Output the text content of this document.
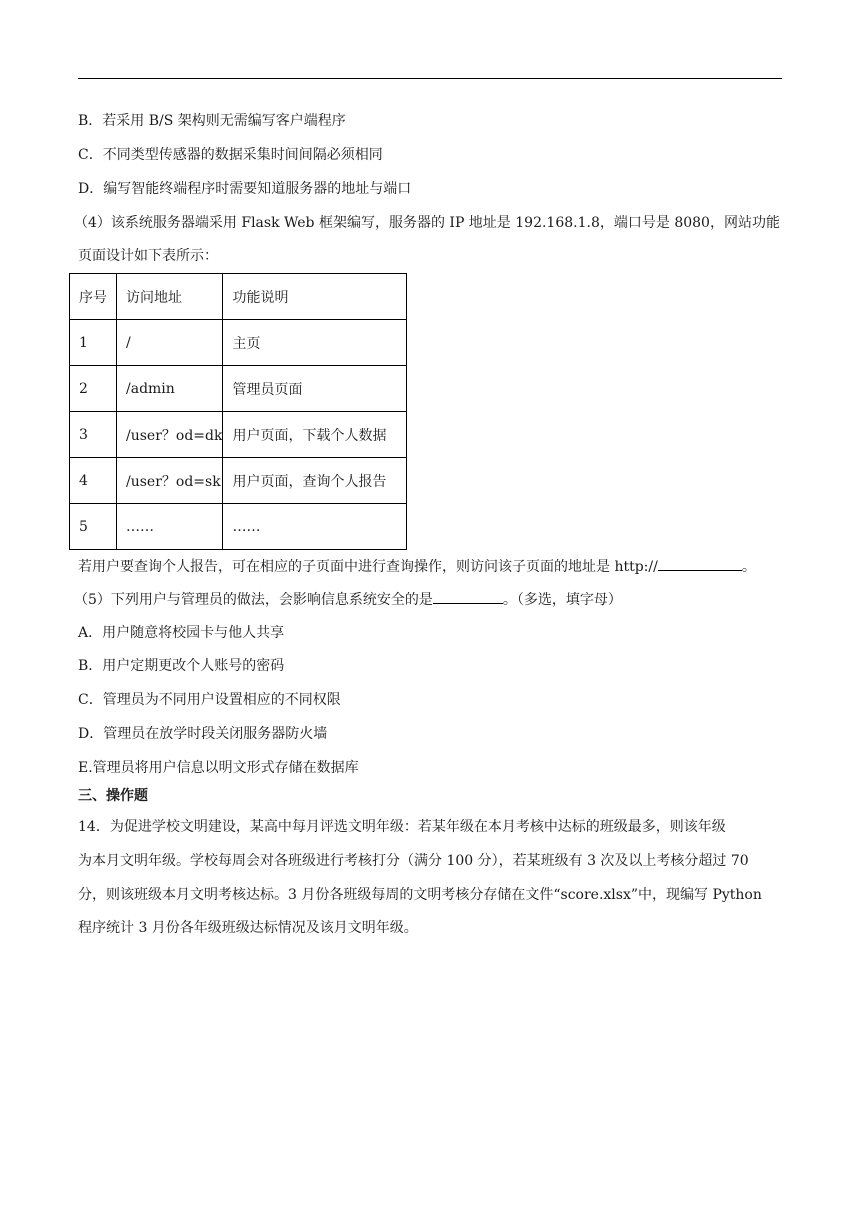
B．若采用 B/S 架构则无需编写客户端程序
C．不同类型传感器的数据采集时间间隔必须相同
D．编写智能终端程序时需要知道服务器的地址与端口
（4）该系统服务器端采用 Flask Web 框架编写，服务器的 IP 地址是 192.168.1.8，端口号是 8080，网站功能
页面设计如下表所示：
序号	访问地址	功能说明
1	/	主页
2	/admin	管理员页面
3	/user？od=dk	用户页面，下载个人数据
4	/user？od=sk	用户页面，查询个人报告
5	……	……
若用户要查询个人报告，可在相应的子页面中进行查询操作，则访问该子页面的地址是 http://	。
（5）下列用户与管理员的做法，会影响信息系统安全的是	。（多选，填字母）
A．用户随意将校园卡与他人共享
B．用户定期更改个人账号的密码
C．管理员为不同用户设置相应的不同权限
D．管理员在放学时段关闭服务器防火墙
E.管理员将用户信息以明文形式存储在数据库
三、操作题
14．为促进学校文明建设，某高中每月评选文明年级：若某年级在本月考核中达标的班级最多，则该年级
为本月文明年级。学校每周会对各班级进行考核打分（满分 100 分），若某班级有 3 次及以上考核分超过 70
分，则该班级本月文明考核达标。3 月份各班级每周的文明考核分存储在文件“score.xlsx”中，现编写 Python
程序统计 3 月份各年级班级达标情况及该月文明年级。
